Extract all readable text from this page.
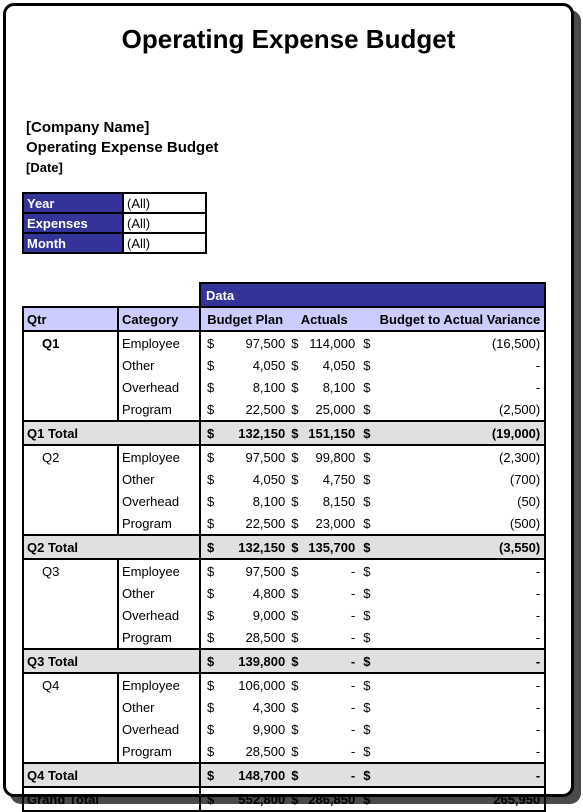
Operating Expense Budget
[Company Name]
Operating Expense Budget
[Date]
Year	(All)
Expenses	(All)
Month	(All)
		Data					
Qtr	Category	Budget Plan		Actuals		Budget to Actual Variance	
Q1	Employee	$	97,500	$	114,000	$	(16,500)
	Other	$	4,050	$	4,050	$	-
	Overhead	$	8,100	$	8,100	$	-
	Program	$	22,500	$	25,000	$	(2,500)
Q1 Total		$	132,150	$	151,150	$	(19,000)
Q2	Employee	$	97,500	$	99,800	$	(2,300)
	Other	$	4,050	$	4,750	$	(700)
	Overhead	$	8,100	$	8,150	$	(50)
	Program	$	22,500	$	23,000	$	(500)
Q2 Total		$	132,150	$	135,700	$	(3,550)
Q3	Employee	$	97,500	$	-	$	-
	Other	$	4,800	$	-	$	-
	Overhead	$	9,000	$	-	$	-
	Program	$	28,500	$	-	$	-
Q3 Total		$	139,800	$	-	$	-
Q4	Employee	$	106,000	$	-	$	-
	Other	$	4,300	$	-	$	-
	Overhead	$	9,900	$	-	$	-
	Program	$	28,500	$	-	$	-
Q4 Total		$	148,700	$	-	$	-
Grand Total		$	552,800	$	286,850	$	265,950
